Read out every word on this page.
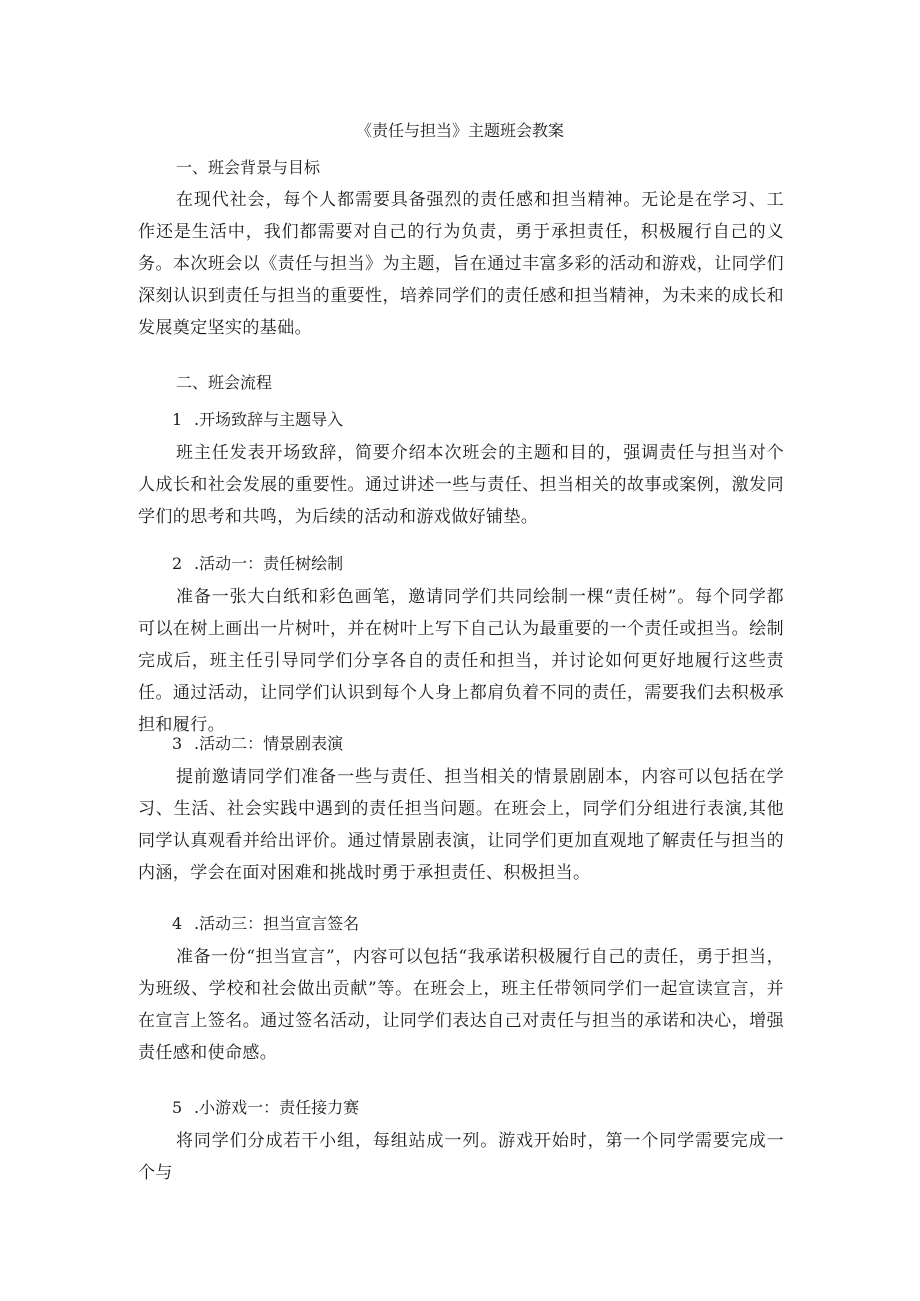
《责任与担当》主题班会教案
一、班会背景与目标
在现代社会，每个人都需要具备强烈的责任感和担当精神。无论是在学习、工作还是生活中，我们都需要对自己的行为负责，勇于承担责任，积极履行自己的义务。本次班会以《责任与担当》为主题，旨在通过丰富多彩的活动和游戏，让同学们深刻认识到责任与担当的重要性，培养同学们的责任感和担当精神，为未来的成长和发展奠定坚实的基础。
二、班会流程
1 .开场致辞与主题导入
班主任发表开场致辞，简要介绍本次班会的主题和目的，强调责任与担当对个人成长和社会发展的重要性。通过讲述一些与责任、担当相关的故事或案例，激发同学们的思考和共鸣，为后续的活动和游戏做好铺垫。
2 .活动一：责任树绘制
准备一张大白纸和彩色画笔，邀请同学们共同绘制一棵“责任树”。每个同学都可以在树上画出一片树叶，并在树叶上写下自己认为最重要的一个责任或担当。绘制完成后，班主任引导同学们分享各自的责任和担当，并讨论如何更好地履行这些责任。通过活动，让同学们认识到每个人身上都肩负着不同的责任，需要我们去积极承担和履行。
3 .活动二：情景剧表演
提前邀请同学们准备一些与责任、担当相关的情景剧剧本，内容可以包括在学习、生活、社会实践中遇到的责任担当问题。在班会上，同学们分组进行表演,其他同学认真观看并给出评价。通过情景剧表演，让同学们更加直观地了解责任与担当的内涵，学会在面对困难和挑战时勇于承担责任、积极担当。
4 .活动三：担当宣言签名
准备一份“担当宣言”，内容可以包括“我承诺积极履行自己的责任，勇于担当，为班级、学校和社会做出贡献”等。在班会上，班主任带领同学们一起宣读宣言，并在宣言上签名。通过签名活动，让同学们表达自己对责任与担当的承诺和决心，增强责任感和使命感。
5 .小游戏一：责任接力赛
将同学们分成若干小组，每组站成一列。游戏开始时，第一个同学需要完成一个与
